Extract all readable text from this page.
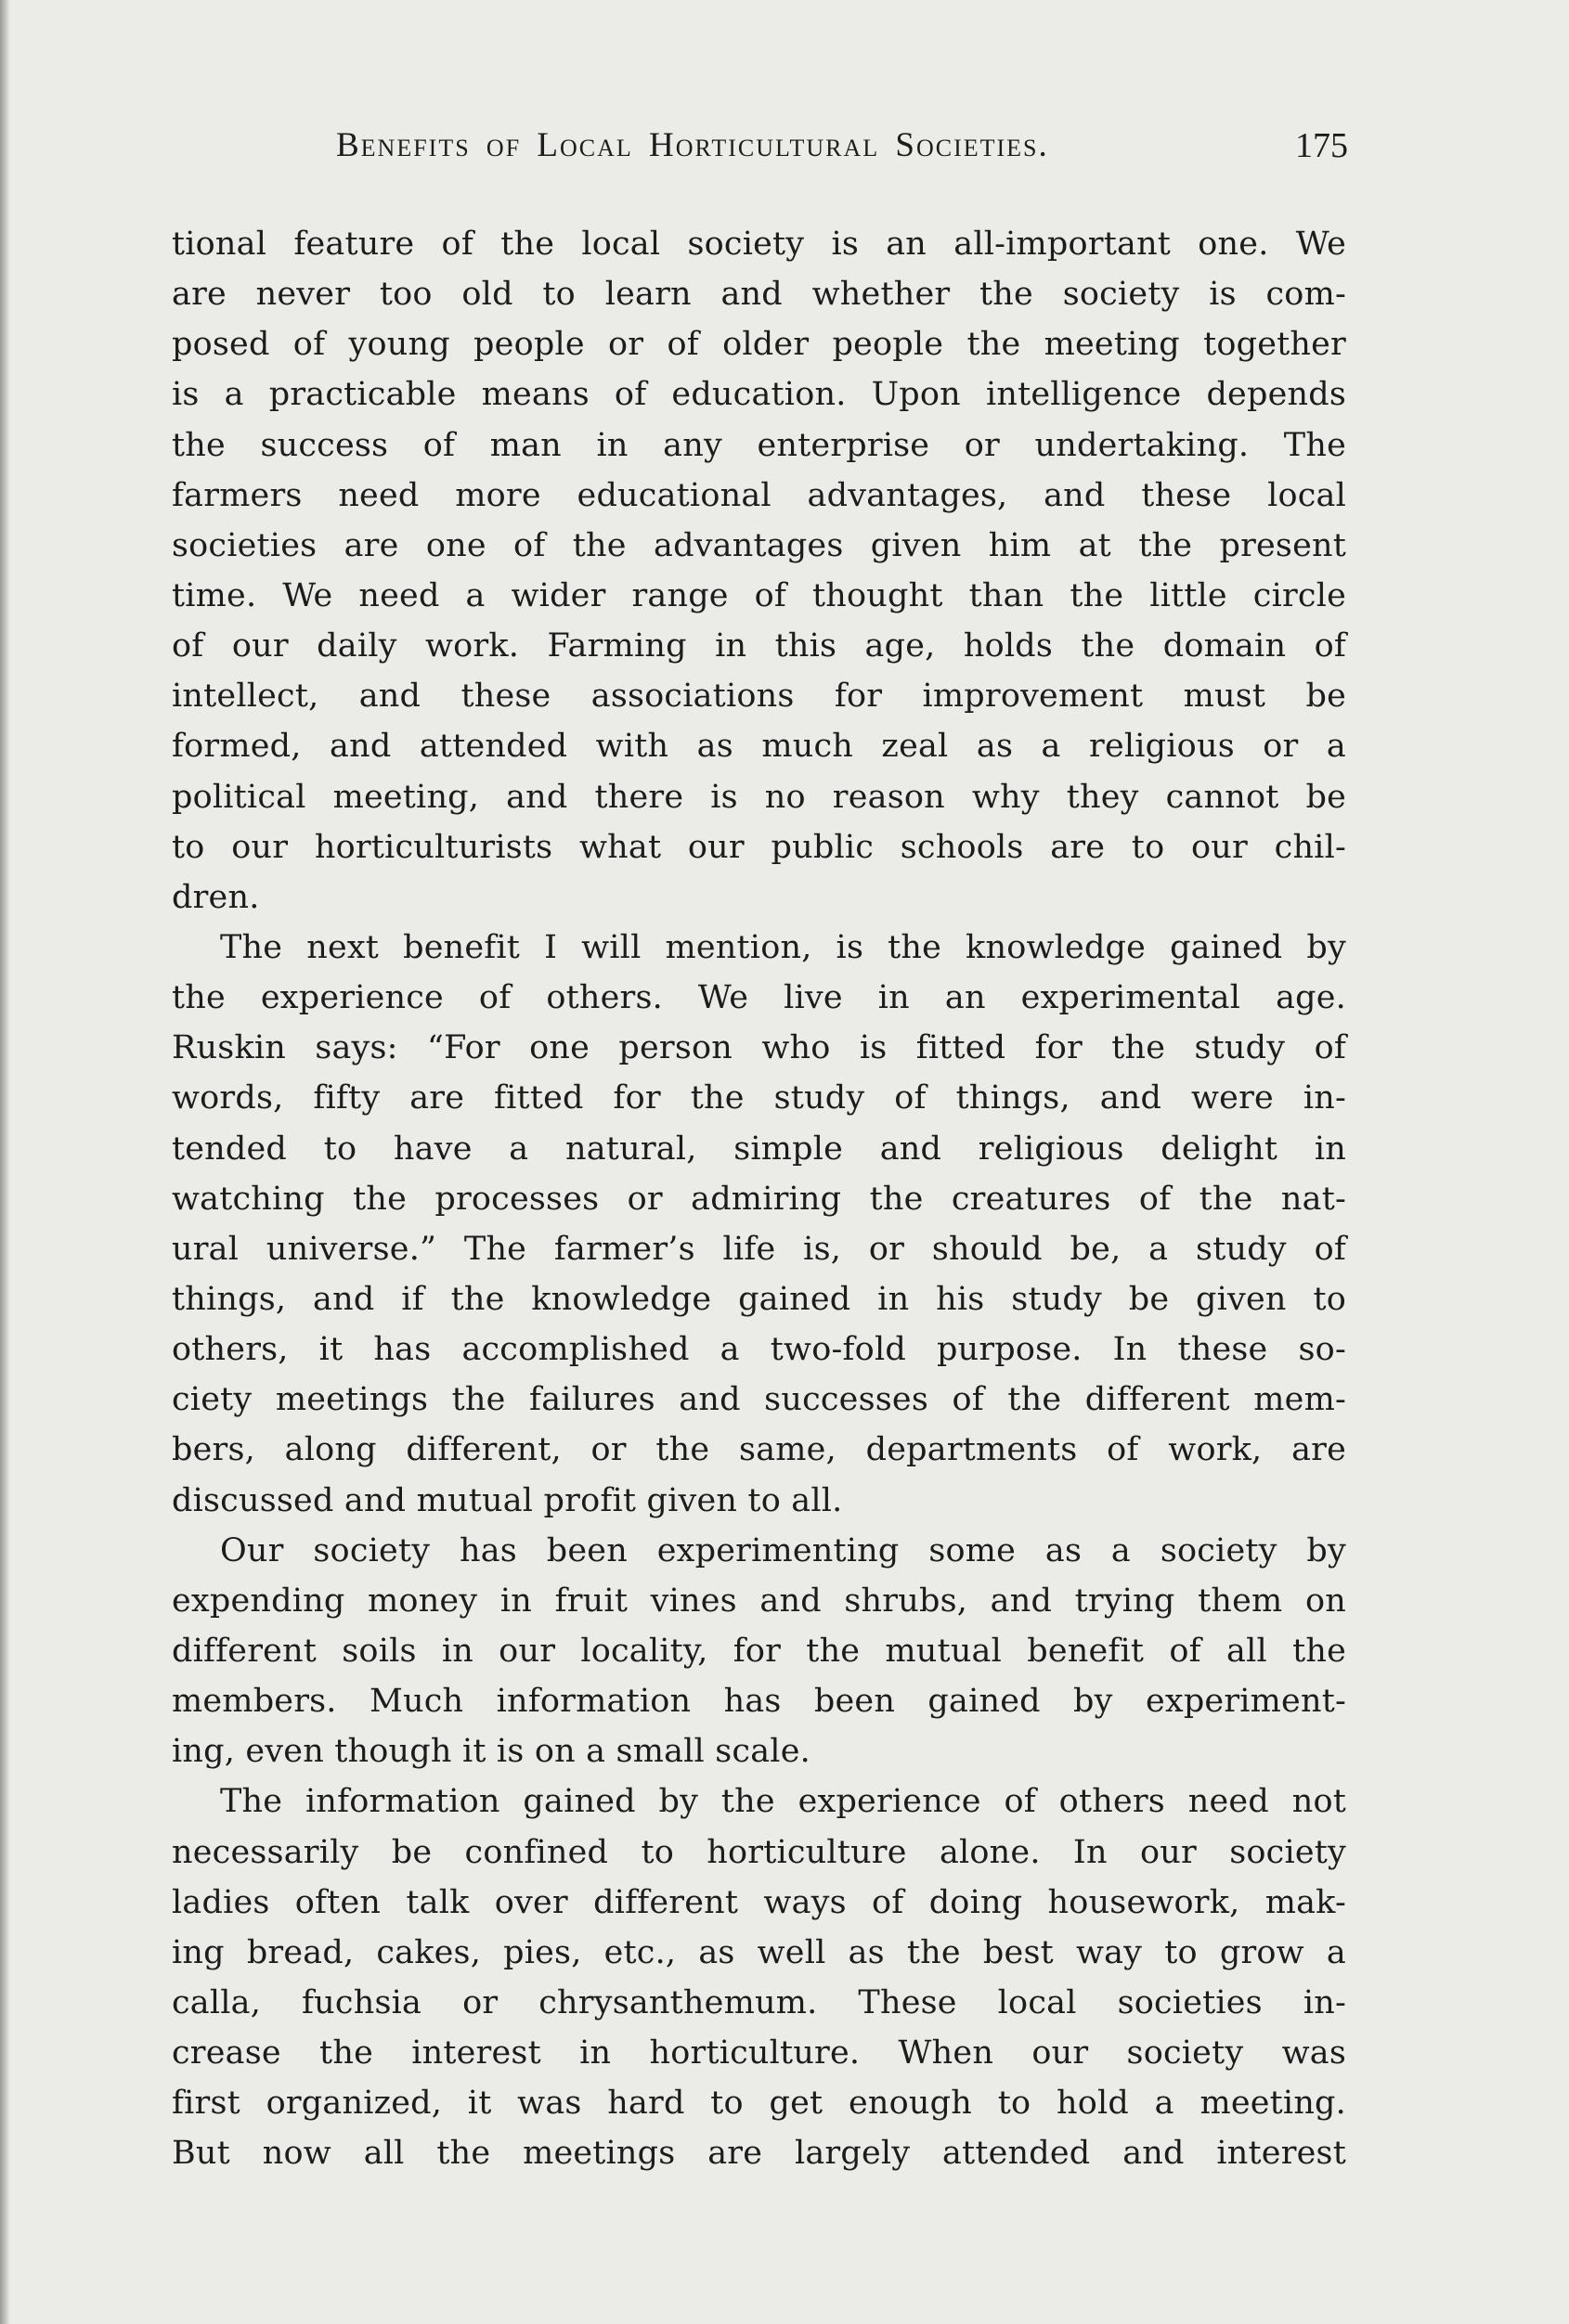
Benefits of Local Horticultural Societies.	175
tional feature of the local society is an all-important one. We
are never too old to learn and whether the society is com-
posed of young people or of older people the meeting together
is a practicable means of education. Upon intelligence depends
the success of man in any enterprise or undertaking. The
farmers need more educational advantages, and these local
societies are one of the advantages given him at the present
time. We need a wider range of thought than the little circle
of our daily work. Farming in this age, holds the domain of
intellect, and these associations for improvement must be
formed, and attended with as much zeal as a religious or a
political meeting, and there is no reason why they cannot be
to our horticulturists what our public schools are to our chil-
dren.
The next benefit I will mention, is the knowledge gained by
the experience of others. We live in an experimental age.
Ruskin says: “For one person who is fitted for the study of
words, fifty are fitted for the study of things, and were in-
tended to have a natural, simple and religious delight in
watching the processes or admiring the creatures of the nat-
ural universe.” The farmer’s life is, or should be, a study of
things, and if the knowledge gained in his study be given to
others, it has accomplished a two-fold purpose. In these so-
ciety meetings the failures and successes of the different mem-
bers, along different, or the same, departments of work, are
discussed and mutual profit given to all.
Our society has been experimenting some as a society by
expending money in fruit vines and shrubs, and trying them on
different soils in our locality, for the mutual benefit of all the
members. Much information has been gained by experiment-
ing, even though it is on a small scale.
The information gained by the experience of others need not
necessarily be confined to horticulture alone. In our society
ladies often talk over different ways of doing housework, mak-
ing bread, cakes, pies, etc., as well as the best way to grow a
calla, fuchsia or chrysanthemum. These local societies in-
crease the interest in horticulture. When our society was
first organized, it was hard to get enough to hold a meeting.
But now all the meetings are largely attended and interest
